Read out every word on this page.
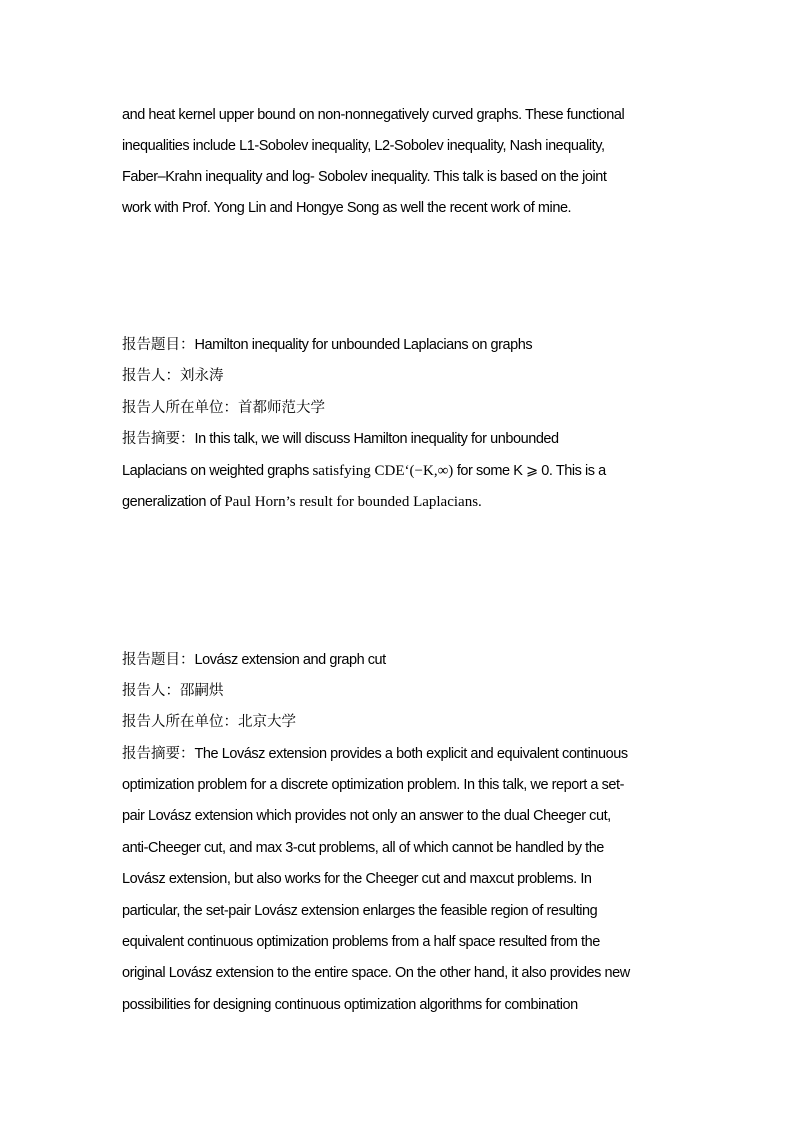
and heat kernel upper bound on non-nonnegatively curved graphs. These functional
inequalities include L1-Sobolev inequality, L2-Sobolev inequality, Nash inequality,
Faber–Krahn inequality and log- Sobolev inequality. This talk is based on the joint
work with Prof. Yong Lin and Hongye Song as well the recent work of mine.
报告题目：Hamilton inequality for unbounded Laplacians on graphs
报告人：刘永涛
报告人所在单位：首都师范大学
报告摘要：In this talk, we will discuss Hamilton inequality for unbounded
Laplacians on weighted graphs satisfying CDE‘(−K,∞) for some K ⩾ 0. This is a
generalization of Paul Horn’s result for bounded Laplacians.
报告题目：Lovász extension and graph cut
报告人：邵嗣烘
报告人所在单位：北京大学
报告摘要：The Lovász extension provides a both explicit and equivalent continuous
optimization problem for a discrete optimization problem. In this talk, we report a set-
pair Lovász extension which provides not only an answer to the dual Cheeger cut,
anti-Cheeger cut, and max 3-cut problems, all of which cannot be handled by the
Lovász extension, but also works for the Cheeger cut and maxcut problems. In
particular, the set-pair Lovász extension enlarges the feasible region of resulting
equivalent continuous optimization problems from a half space resulted from the
original Lovász extension to the entire space. On the other hand, it also provides new
possibilities for designing continuous optimization algorithms for combination
